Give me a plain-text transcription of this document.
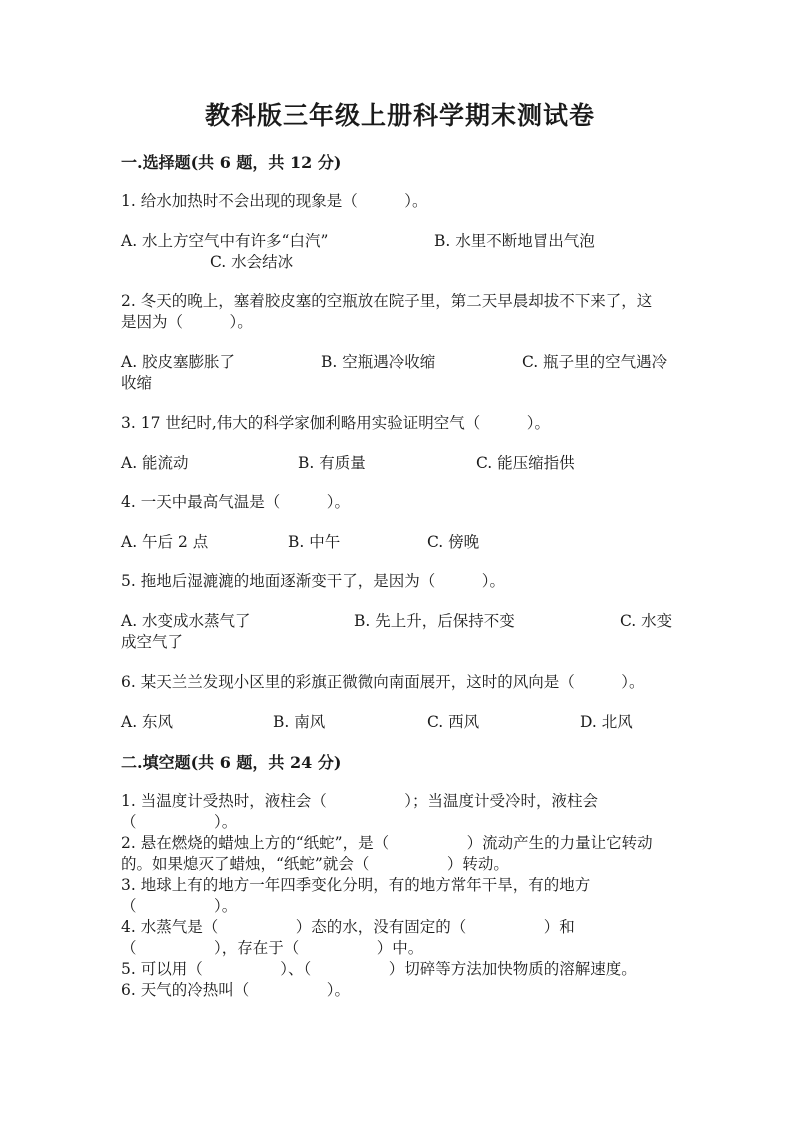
教科版三年级上册科学期末测试卷
一.选择题(共 6 题，共 12 分)
1. 给水加热时不会出现的现象是（　　　）。
A. 水上方空气中有许多“白汽”	B. 水里不断地冒出气泡
C. 水会结冰
2. 冬天的晚上，塞着胶皮塞的空瓶放在院子里，第二天早晨却拔不下来了，这
是因为（　　　）。
A. 胶皮塞膨胀了	B. 空瓶遇冷收缩	C. 瓶子里的空气遇冷
收缩
3. 17 世纪时,伟大的科学家伽利略用实验证明空气（　　　）。
A. 能流动	B. 有质量	C. 能压缩指供
4. 一天中最高气温是（　　　）。
A. 午后 2 点	B. 中午	C. 傍晚
5. 拖地后湿漉漉的地面逐渐变干了，是因为（　　　）。
A. 水变成水蒸气了	B. 先上升，后保持不变	C. 水变
成空气了
6. 某天兰兰发现小区里的彩旗正微微向南面展开，这时的风向是（　　　）。
A. 东风	B. 南风	C. 西风	D. 北风
二.填空题(共 6 题，共 24 分)
1. 当温度计受热时，液柱会（　　　　　）；当温度计受冷时，液柱会
（　　　　　）。
2. 悬在燃烧的蜡烛上方的“纸蛇”，是（　　　　　）流动产生的力量让它转动
的。如果熄灭了蜡烛，“纸蛇”就会（　　　　　）转动。
3. 地球上有的地方一年四季变化分明，有的地方常年干旱，有的地方
（　　　　　）。
4. 水蒸气是（　　　　　）态的水，没有固定的（　　　　　）和
（　　　　　），存在于（　　　　　）中。
5. 可以用（　　　　　）、（　　　　　）切碎等方法加快物质的溶解速度。
6. 天气的冷热叫（　　　　　）。
